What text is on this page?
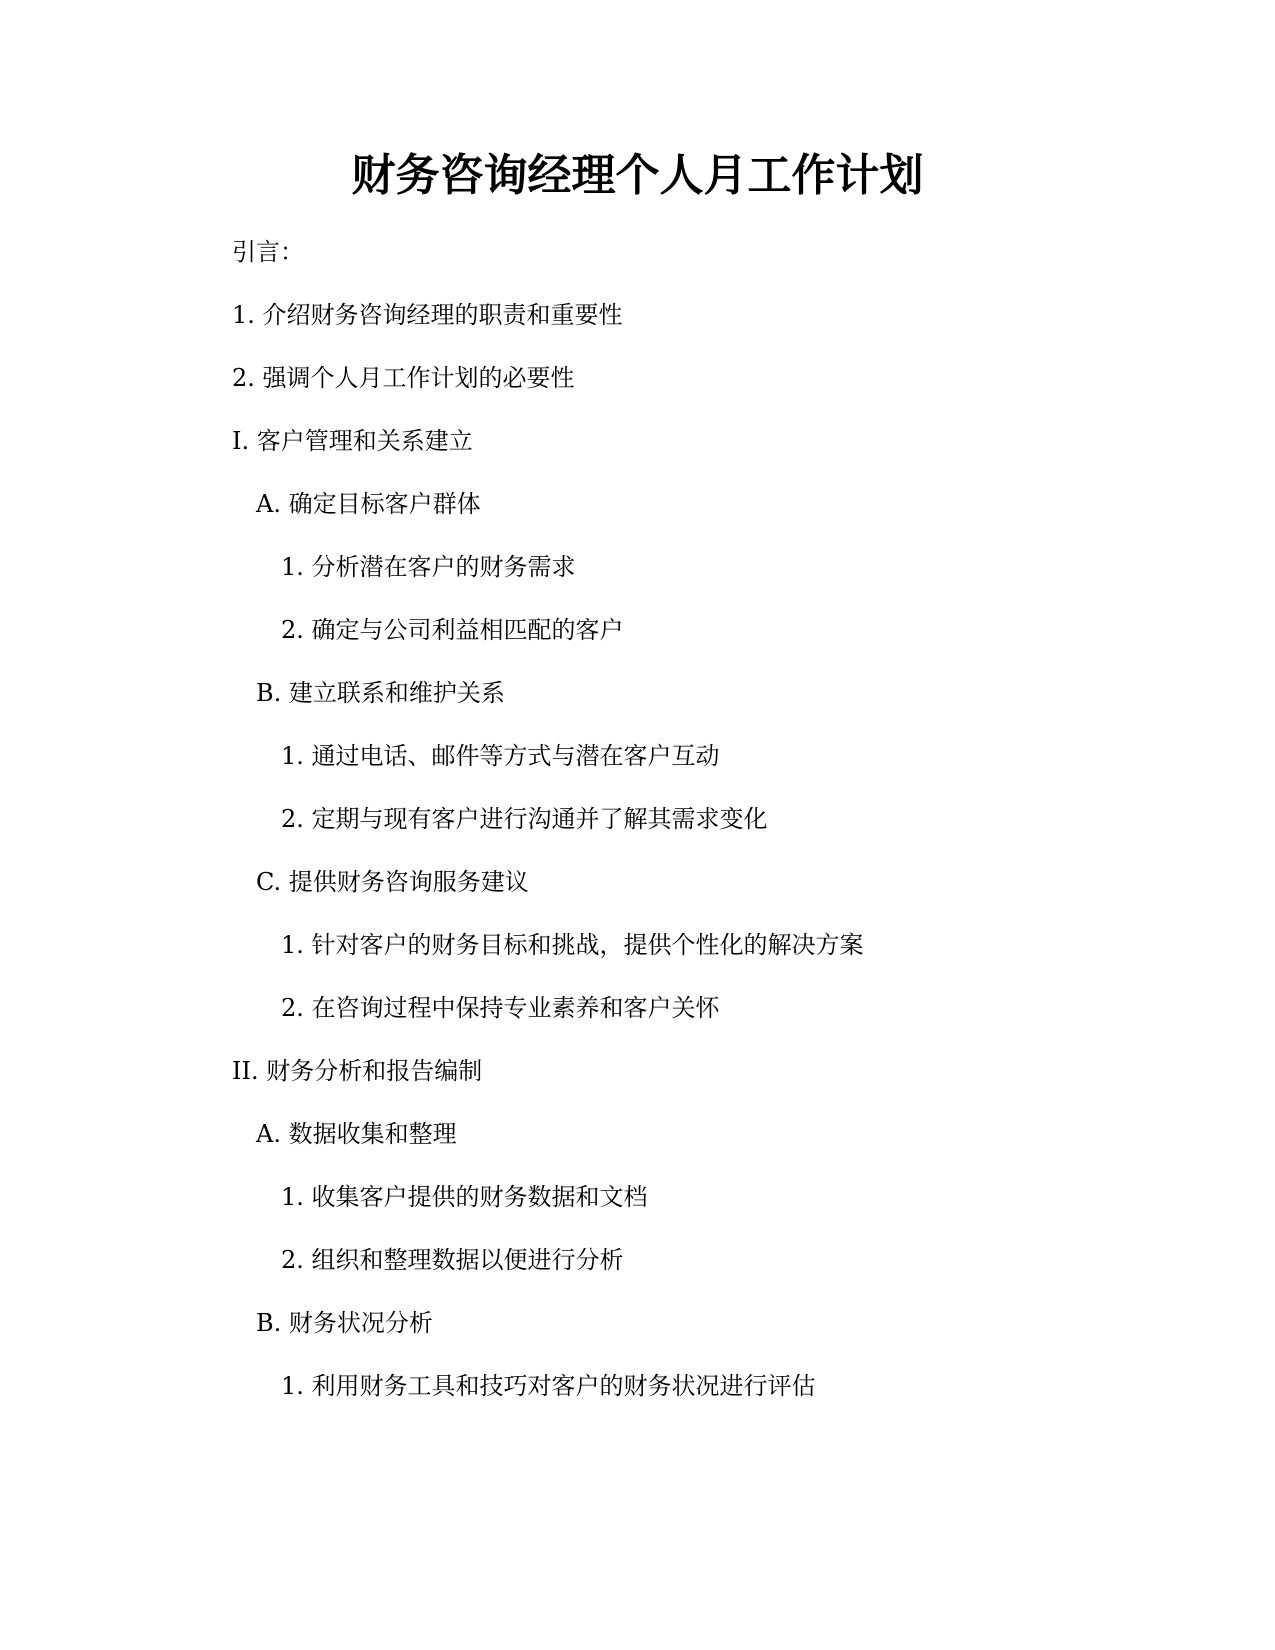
财务咨询经理个人月工作计划
引言：
1. 介绍财务咨询经理的职责和重要性
2. 强调个人月工作计划的必要性
I. 客户管理和关系建立
A. 确定目标客户群体
1. 分析潜在客户的财务需求
2. 确定与公司利益相匹配的客户
B. 建立联系和维护关系
1. 通过电话、邮件等方式与潜在客户互动
2. 定期与现有客户进行沟通并了解其需求变化
C. 提供财务咨询服务建议
1. 针对客户的财务目标和挑战，提供个性化的解决方案
2. 在咨询过程中保持专业素养和客户关怀
II. 财务分析和报告编制
A. 数据收集和整理
1. 收集客户提供的财务数据和文档
2. 组织和整理数据以便进行分析
B. 财务状况分析
1. 利用财务工具和技巧对客户的财务状况进行评估
